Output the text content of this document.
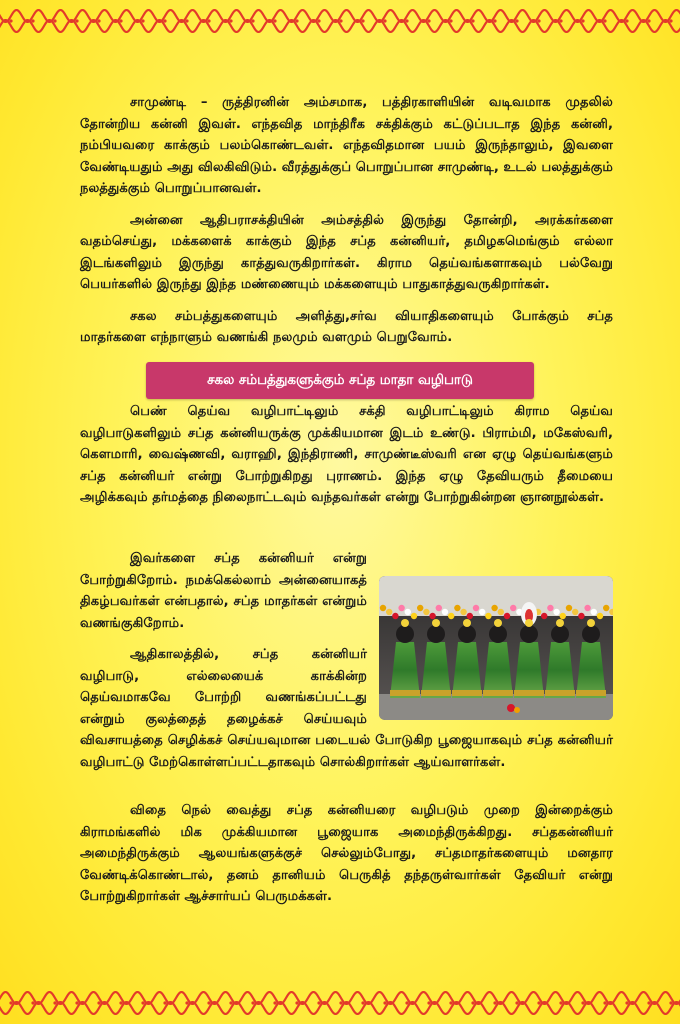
சாமுண்டி – ருத்திரனின் அம்சமாக, பத்திரகாளியின் வடிவமாக முதலில் தோன்றிய கன்னி இவள். எந்தவித மாந்திரீக சக்திக்கும் கட்டுப்படாத இந்த கன்னி, நம்பியவரை காக்கும் பலம்கொண்டவள். எந்தவிதமான பயம் இருந்தாலும், இவளை வேண்டியதும் அது விலகிவிடும். வீரத்துக்குப் பொறுப்பான சாமுண்டி, உடல் பலத்துக்கும் நலத்துக்கும் பொறுப்பானவள்.

அன்னை ஆதிபராசக்தியின் அம்சத்தில் இருந்து தோன்றி, அரக்கர்களை வதம்செய்து, மக்களைக் காக்கும் இந்த சப்த கன்னியர், தமிழகமெங்கும் எல்லா இடங்களிலும் இருந்து காத்துவருகிறார்கள். கிராம தெய்வங்களாகவும் பல்வேறு பெயர்களில் இருந்து இந்த மண்ணையும் மக்களையும் பாதுகாத்துவருகிறார்கள்.

சகல சம்பத்துகளையும் அளித்து,சர்வ வியாதிகளையும் போக்கும் சப்த மாதர்களை எந்நாளும் வணங்கி நலமும் வளமும் பெறுவோம்.

சகல சம்பத்துகளுக்கும் சப்த மாதா வழிபாடு

பெண் தெய்வ வழிபாட்டிலும் சக்தி வழிபாட்டிலும் கிராம தெய்வ வழிபாடுகளிலும் சப்த கன்னியருக்கு முக்கியமான இடம் உண்டு. பிராம்மி, மகேஸ்வரி, கௌமாரி, வைஷ்ணவி, வராஹி, இந்திராணி, சாமுண்டீஸ்வரி என ஏழு தெய்வங்களும் சப்த கன்னியர் என்று போற்றுகிறது புராணம். இந்த ஏழு தேவியரும் தீமையை அழிக்கவும் தர்மத்தை நிலைநாட்டவும் வந்தவர்கள் என்று போற்றுகின்றன ஞானநூல்கள்.

இவர்களை சப்த கன்னியர் என்று போற்றுகிறோம். நமக்கெல்லாம் அன்னையாகத் திகழ்பவர்கள் என்பதால், சப்த மாதர்கள் என்றும் வணங்குகிறோம்.

ஆதிகாலத்தில், சப்த கன்னியர் வழிபாடு, எல்லையைக் காக்கின்ற தெய்வமாகவே போற்றி வணங்கப்பட்டது என்றும் குலத்தைத் தழைக்கச் செய்யவும் விவசாயத்தை செழிக்கச் செய்யவுமான படையல் போடுகிற பூஜையாகவும் சப்த கன்னியர் வழிபாட்டு மேற்கொள்ளப்பட்டதாகவும் சொல்கிறார்கள் ஆய்வாளர்கள்.

விதை நெல் வைத்து சப்த கன்னியரை வழிபடும் முறை இன்றைக்கும் கிராமங்களில் மிக முக்கியமான பூஜையாக அமைந்திருக்கிறது. சப்தகன்னியர் அமைந்திருக்கும் ஆலயங்களுக்குச் செல்லும்போது, சப்தமாதர்களையும் மனதார வேண்டிக்கொண்டால், தனம் தானியம் பெருகித் தந்தருள்வார்கள் தேவியர் என்று போற்றுகிறார்கள் ஆச்சார்யப் பெருமக்கள்.
